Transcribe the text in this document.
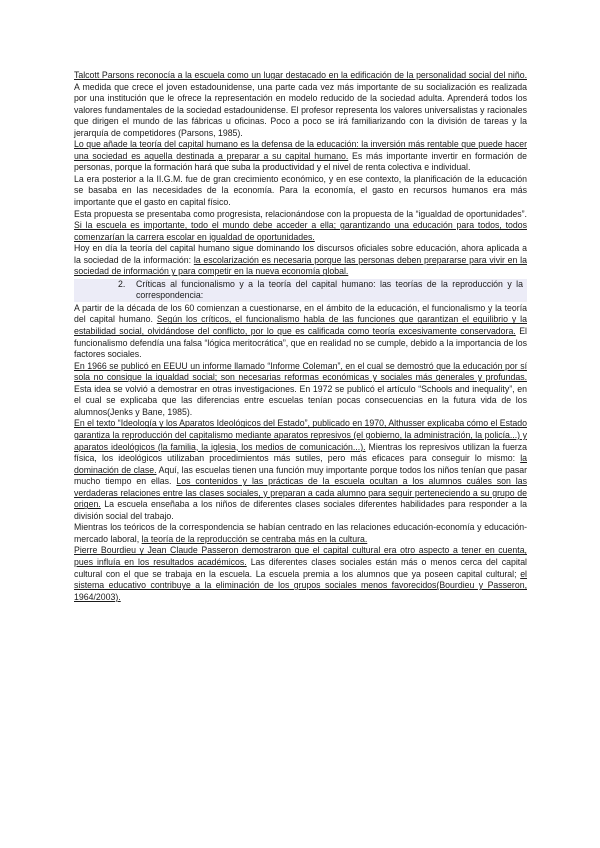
Talcott Parsons reconocía a la escuela como un lugar destacado en la edificación de la personalidad social del niño. A medida que crece el joven estadounidense, una parte cada vez más importante de su socialización es realizada por una institución que le ofrece la representación en modelo reducido de la sociedad adulta. Aprenderá todos los valores fundamentales de la sociedad estadounidense. El profesor representa los valores universalistas y racionales que dirigen el mundo de las fábricas u oficinas. Poco a poco se irá familiarizando con la división de tareas y la jerarquía de competidores (Parsons, 1985).

Lo que añade la teoría del capital humano es la defensa de la educación: la inversión más rentable que puede hacer una sociedad es aquella destinada a preparar a su capital humano. Es más importante invertir en formación de personas, porque la formación hará que suba la productividad y el nivel de renta colectiva e individual.

La era posterior a la II.G.M. fue de gran crecimiento económico, y en ese contexto, la planificación de la educación se basaba en las necesidades de la economía. Para la economía, el gasto en recursos humanos era más importante que el gasto en capital físico.

Esta propuesta se presentaba como progresista, relacionándose con la propuesta de la “igualdad de oportunidades”. Si la escuela es importante, todo el mundo debe acceder a ella; garantizando una educación para todos, todos comenzarían la carrera escolar en igualdad de oportunidades.

Hoy en día la teoría del capital humano sigue dominando los discursos oficiales sobre educación, ahora aplicada a la sociedad de la información: la escolarización es necesaria porque las personas deben prepararse para vivir en la sociedad de información y para competir en la nueva economía global.

2.	Críticas al funcionalismo y a la teoría del capital humano: las teorías de la reproducción y la correspondencia:

A partir de la década de los 60 comienzan a cuestionarse, en el ámbito de la educación, el funcionalismo y la teoría del capital humano. Según los críticos, el funcionalismo habla de las funciones que garantizan el equilibrio y la estabilidad social, olvidándose del conflicto, por lo que es calificada como teoría excesivamente conservadora. El funcionalismo defendía una falsa “lógica meritocrática”, que en realidad no se cumple, debido a la importancia de los factores sociales.

En 1966 se publicó en EEUU un informe llamado “Informe Coleman”, en el cual se demostró que la educación por sí sola no consigue la igualdad social; son necesarias reformas económicas y sociales más generales y profundas. Esta idea se volvió a demostrar en otras investigaciones. En 1972 se publicó el artículo “Schools and inequality”, en el cual se explicaba que las diferencias entre escuelas tenían pocas consecuencias en la futura vida de los alumnos(Jenks y Bane, 1985).

En el texto “Ideología y los Aparatos Ideológicos del Estado”, publicado en 1970, Althusser explicaba cómo el Estado garantiza la reproducción del capitalismo mediante aparatos represivos (el gobierno, la administración, la policía...) y aparatos ideológicos (la familia, la iglesia, los medios de comunicación...). Mientras los represivos utilizan la fuerza física, los ideológicos utilizaban procedimientos más sutiles, pero más eficaces para conseguir lo mismo: la dominación de clase. Aquí, las escuelas tienen una función muy importante porque todos los niños tenían que pasar mucho tiempo en ellas. Los contenidos y las prácticas de la escuela ocultan a los alumnos cuáles son las verdaderas relaciones entre las clases sociales, y preparan a cada alumno para seguir perteneciendo a su grupo de origen. La escuela enseñaba a los niños de diferentes clases sociales diferentes habilidades para responder a la división social del trabajo.

Mientras los teóricos de la correspondencia se habían centrado en las relaciones educación-economía y educación-mercado laboral, la teoría de la reproducción se centraba más en la cultura.

Pierre Bourdieu y Jean Claude Passeron demostraron que el capital cultural era otro aspecto a tener en cuenta, pues influía en los resultados académicos. Las diferentes clases sociales están más o menos cerca del capital cultural con el que se trabaja en la escuela. La escuela premia a los alumnos que ya poseen capital cultural; el sistema educativo contribuye a la eliminación de los grupos sociales menos favorecidos(Bourdieu y Passeron, 1964/2003).
